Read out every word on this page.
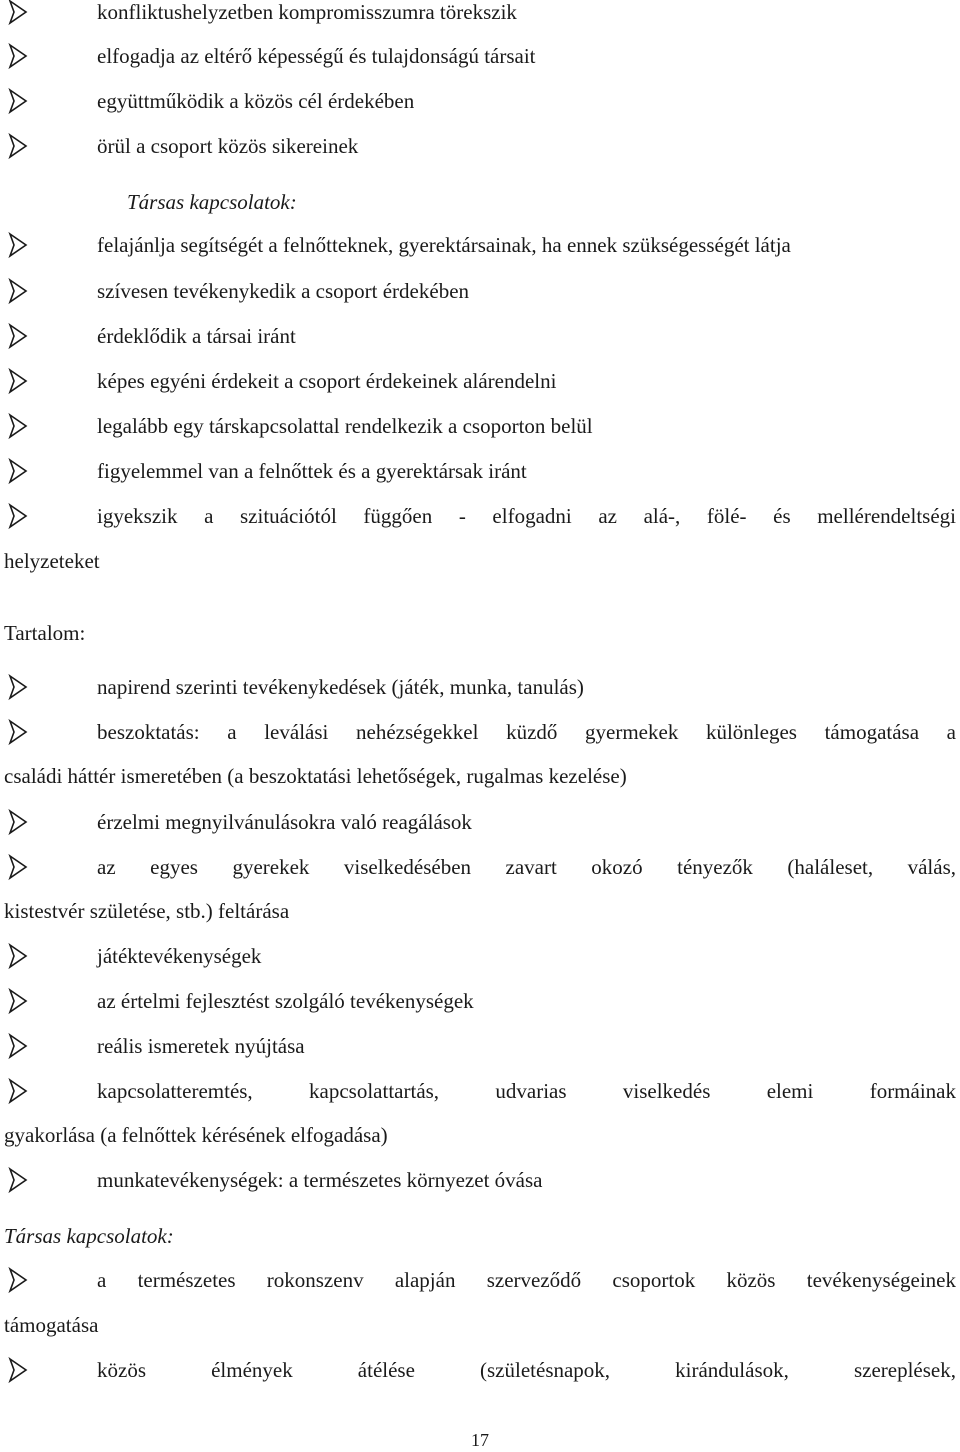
konfliktushelyzetben kompromisszumra törekszik
elfogadja az eltérő képességű és tulajdonságú társait
együttműködik a közös cél érdekében
örül a csoport közös sikereinek
Társas kapcsolatok:
felajánlja segítségét a felnőtteknek, gyerektársainak, ha ennek szükségességét látja
szívesen tevékenykedik a csoport érdekében
érdeklődik a társai iránt
képes egyéni érdekeit a csoport érdekeinek alárendelni
legalább egy társkapcsolattal rendelkezik a csoporton belül
figyelemmel van a felnőttek és a gyerektársak iránt
igyekszik a szituációtól függően - elfogadni az alá-, fölé- és mellérendeltségi
helyzeteket
Tartalom:
napirend szerinti tevékenykedések (játék, munka, tanulás)
beszoktatás: a leválási nehézségekkel küzdő gyermekek különleges támogatása a
családi háttér ismeretében (a beszoktatási lehetőségek, rugalmas kezelése)
érzelmi megnyilvánulásokra való reagálások
az egyes gyerekek viselkedésében zavart okozó tényezők (haláleset, válás,
kistestvér születése, stb.) feltárása
játéktevékenységek
az értelmi fejlesztést szolgáló tevékenységek
reális ismeretek nyújtása
kapcsolatteremtés, kapcsolattartás, udvarias viselkedés elemi formáinak
gyakorlása (a felnőttek kérésének elfogadása)
munkatevékenységek: a természetes környezet óvása
Társas kapcsolatok:
a természetes rokonszenv alapján szerveződő csoportok közös tevékenységeinek
támogatása
közös élmények átélése (születésnapok, kirándulások, szereplések,
17
